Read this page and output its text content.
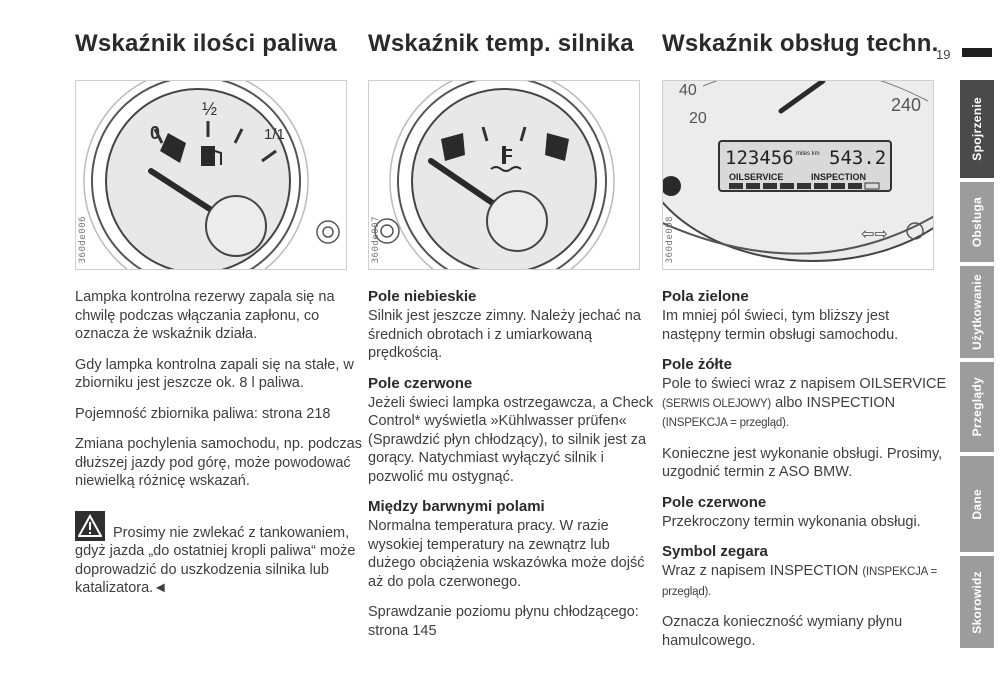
19
Wskaźnik ilości paliwa
0
½
1/1
360de006

Lampka kontrolna rezerwy zapala się na chwilę podczas włączania zapłonu, co oznacza że wskaźnik działa.

Gdy lampka kontrolna zapali się na stałe, w zbiorniku jest jeszcze ok. 8 l paliwa.

Pojemność zbiornika paliwa: strona 218

Zmiana pochylenia samochodu, np. podczas dłuższej jazdy pod górę, może powodować niewielką różnicę wskazań.

Prosimy nie zwlekać z tankowaniem, gdyż jazda „do ostatniej kropli paliwa“ może doprowadzić do uszkodzenia silnika lub katalizatora.◄

Wskaźnik temp. silnika
360de007
Pole niebieskie

Silnik jest jeszcze zimny. Należy jechać na średnich obrotach i z umiarkowaną prędkością.

Pole czerwone

Jeżeli świeci lampka ostrzegawcza, a Check Control* wyświetla »Kühlwasser prüfen« (Sprawdzić płyn chłodzący), to silnik jest za gorący. Natychmiast wyłączyć silnik i pozwolić mu ostygnąć.

Między barwnymi polami

Normalna temperatura pracy. W razie wysokiej temperatury na zewnątrz lub dużego obciążenia wskazówka może dojść aż do pola czerwonego.

Sprawdzanie poziomu płynu chłodzącego: strona 145

Wskaźnik obsług techn.
40
20
240
123456 miles km 543.2
OILSERVICE	INSPECTION
⇦⇨
360de008
Pola zielone

Im mniej pól świeci, tym bliższy jest następny termin obsługi samochodu.

Pole żółte

Pole to świeci wraz z napisem OILSERVICE (SERWIS OLEJOWY) albo INSPECTION (INSPEKCJA = przegląd).

Konieczne jest wykonanie obsługi. Prosimy, uzgodnić termin z ASO BMW.

Pole czerwone

Przekroczony termin wykonania obsługi.

Symbol zegara

Wraz z napisem INSPECTION (INSPEKCJA = przegląd).

Oznacza konieczność wymiany płynu hamulcowego.

Spojrzenie
Obsługa
Użytkowanie
Przeglądy
Dane
Skorowidz
